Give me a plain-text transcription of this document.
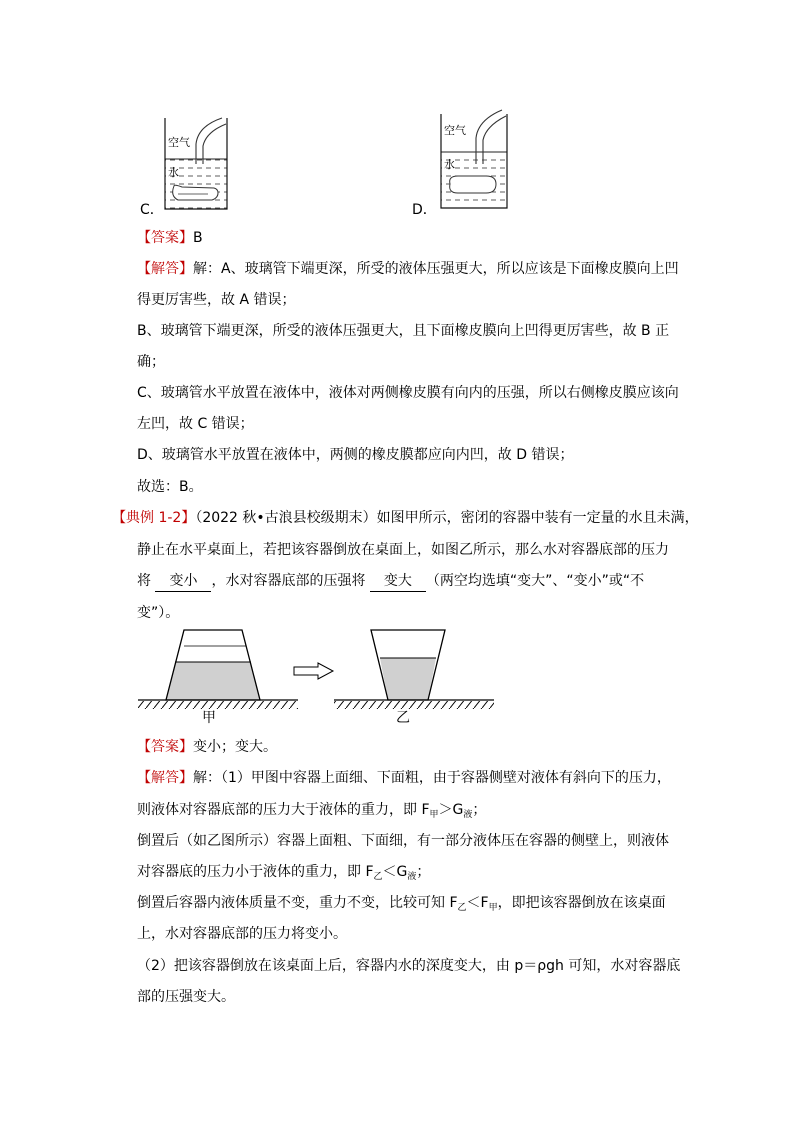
空气
水
C．
空气
水
D．
【答案】B
【解答】解：A、玻璃管下端更深，所受的液体压强更大，所以应该是下面橡皮膜向上凹
得更厉害些，故 A 错误；
B、玻璃管下端更深，所受的液体压强更大，且下面橡皮膜向上凹得更厉害些，故 B 正
确；
C、玻璃管水平放置在液体中，液体对两侧橡皮膜有向内的压强，所以右侧橡皮膜应该向
左凹，故 C 错误；
D、玻璃管水平放置在液体中，两侧的橡皮膜都应向内凹，故 D 错误；
故选：B。
【典例 1-2】（2022 秋•古浪县校级期末）如图甲所示，密闭的容器中装有一定量的水且未满，
静止在水平桌面上，若把该容器倒放在桌面上，如图乙所示，那么水对容器底部的压力
将 变小 ，水对容器底部的压强将 变大 （两空均选填“变大”、“变小”或“不
变”）。
甲	乙
【答案】变小；变大。
【解答】解：（1）甲图中容器上面细、下面粗，由于容器侧壁对液体有斜向下的压力，
则液体对容器底部的压力大于液体的重力，即 $F_甲>G_液$；
倒置后（如乙图所示）容器上面粗、下面细，有一部分液体压在容器的侧壁上，则液体
对容器底的压力小于液体的重力，即 $F_乙<G_液$；
倒置后容器内液体质量不变，重力不变，比较可知 $F_乙<F_甲$，即把该容器倒放在该桌面
上，水对容器底部的压力将变小。
（2）把该容器倒放在该桌面上后，容器内水的深度变大，由 p＝ρgh 可知，水对容器底
部的压强变大。
